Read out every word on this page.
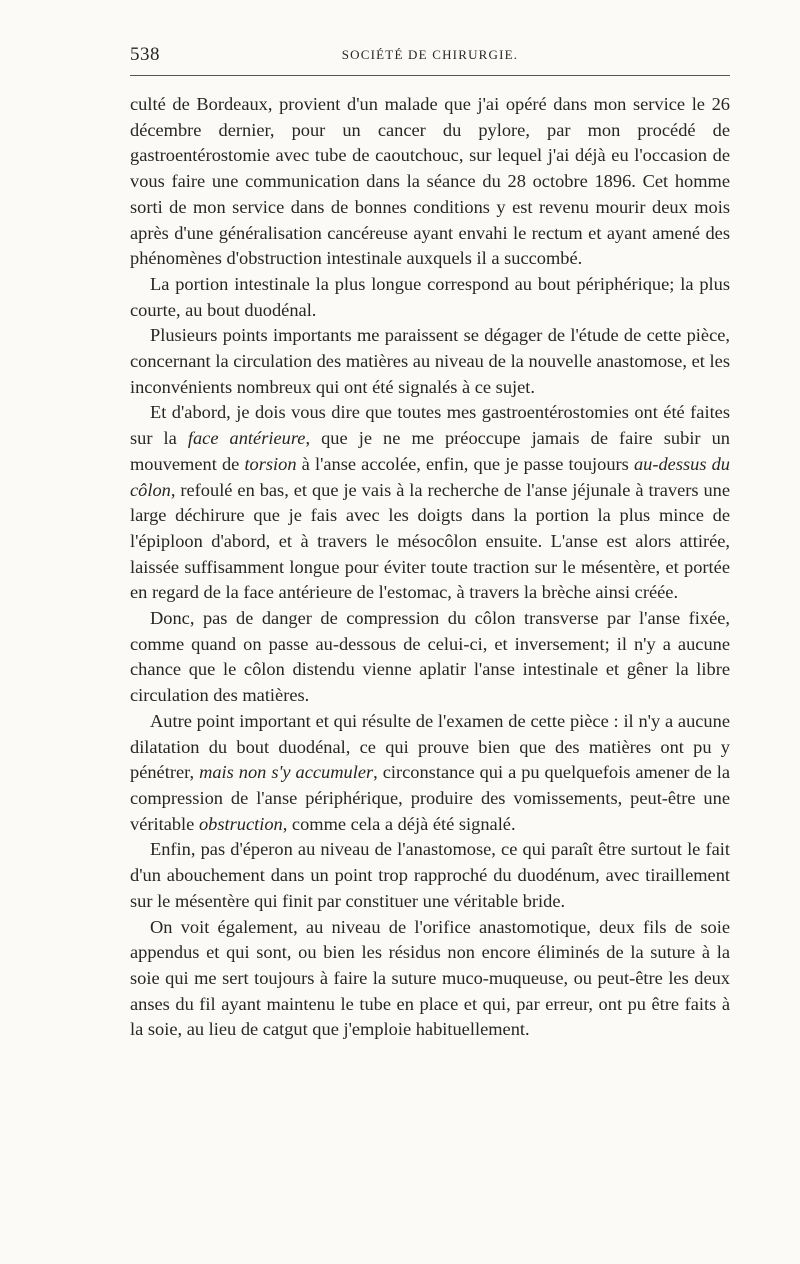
538	SOCIÉTÉ DE CHIRURGIE.

culté de Bordeaux, provient d'un malade que j'ai opéré dans mon service le 26 décembre dernier, pour un cancer du pylore, par mon procédé de gastroentérostomie avec tube de caoutchouc, sur lequel j'ai déjà eu l'occasion de vous faire une communication dans la séance du 28 octobre 1896. Cet homme sorti de mon service dans de bonnes conditions y est revenu mourir deux mois après d'une généralisation cancéreuse ayant envahi le rectum et ayant amené des phénomènes d'obstruction intestinale auxquels il a succombé.

La portion intestinale la plus longue correspond au bout périphérique; la plus courte, au bout duodénal.

Plusieurs points importants me paraissent se dégager de l'étude de cette pièce, concernant la circulation des matières au niveau de la nouvelle anastomose, et les inconvénients nombreux qui ont été signalés à ce sujet.

Et d'abord, je dois vous dire que toutes mes gastroentérostomies ont été faites sur la face antérieure, que je ne me préoccupe jamais de faire subir un mouvement de torsion à l'anse accolée, enfin, que je passe toujours au-dessus du côlon, refoulé en bas, et que je vais à la recherche de l'anse jéjunale à travers une large déchirure que je fais avec les doigts dans la portion la plus mince de l'épiploon d'abord, et à travers le mésocôlon ensuite. L'anse est alors attirée, laissée suffisamment longue pour éviter toute traction sur le mésentère, et portée en regard de la face antérieure de l'estomac, à travers la brèche ainsi créée.

Donc, pas de danger de compression du côlon transverse par l'anse fixée, comme quand on passe au-dessous de celui-ci, et inversement; il n'y a aucune chance que le côlon distendu vienne aplatir l'anse intestinale et gêner la libre circulation des matières.

Autre point important et qui résulte de l'examen de cette pièce : il n'y a aucune dilatation du bout duodénal, ce qui prouve bien que des matières ont pu y pénétrer, mais non s'y accumuler, circonstance qui a pu quelquefois amener de la compression de l'anse périphérique, produire des vomissements, peut-être une véritable obstruction, comme cela a déjà été signalé.

Enfin, pas d'éperon au niveau de l'anastomose, ce qui paraît être surtout le fait d'un abouchement dans un point trop rapproché du duodénum, avec tiraillement sur le mésentère qui finit par constituer une véritable bride.

On voit également, au niveau de l'orifice anastomotique, deux fils de soie appendus et qui sont, ou bien les résidus non encore éliminés de la suture à la soie qui me sert toujours à faire la suture muco-muqueuse, ou peut-être les deux anses du fil ayant maintenu le tube en place et qui, par erreur, ont pu être faits à la soie, au lieu de catgut que j'emploie habituellement.
